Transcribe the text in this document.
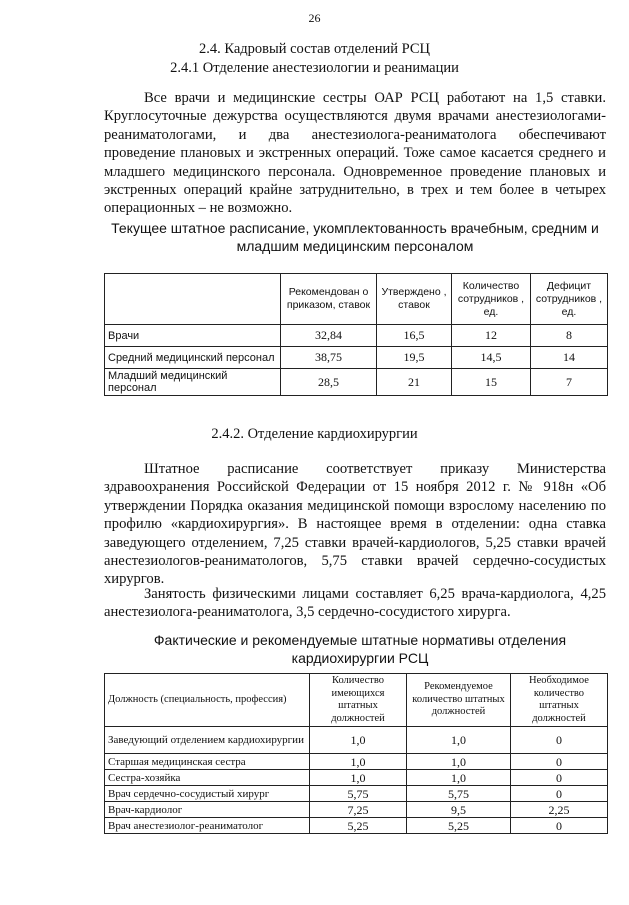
26
2.4. Кадровый состав отделений РСЦ
2.4.1 Отделение анестезиологии и реанимации

Все врачи и медицинские сестры ОАР РСЦ работают на 1,5 ставки. Круглосуточные дежурства осуществляются двумя врачами анестезиологами-реаниматологами, и два анестезиолога-реаниматолога обеспечивают проведение плановых и экстренных операций. Тоже самое касается среднего и младшего медицинского персонала. Одновременное проведение плановых и экстренных операций крайне затруднительно, в трех и тем более в четырех операционных – не возможно.

Текущее штатное расписание, укомплектованность врачебным, средним и младшим медицинским персоналом
	Рекомендован о приказом, ставок	Утверждено , ставок	Количество сотрудников , ед.	Дефицит сотрудников , ед.
Врачи	32,84	16,5	12	8
Средний медицинский персонал	38,75	19,5	14,5	14
Младший медицинский персонал	28,5	21	15	7
2.4.2. Отделение кардиохирургии

Штатное расписание соответствует приказу Министерства здравоохранения Российской Федерации от 15 ноября 2012 г. № 918н «Об утверждении Порядка оказания медицинской помощи взрослому населению по профилю «кардиохирургия». В настоящее время в отделении: одна ставка заведующего отделением, 7,25 ставки врачей-кардиологов, 5,25 ставки врачей анестезиологов-реаниматологов, 5,75 ставки врачей сердечно-сосудистых хирургов.

Занятость физическими лицами составляет 6,25 врача-кардиолога, 4,25 анестезиолога-реаниматолога, 3,5 сердечно-сосудистого хирурга.

Фактические и рекомендуемые штатные нормативы отделения кардиохирургии РСЦ
Должность (специальность, профессия)	Количество имеющихся штатных должностей	Рекомендуемое количество штатных должностей	Необходимое количество штатных должностей
Заведующий отделением кардиохирургии	1,0	1,0	0
Старшая медицинская сестра	1,0	1,0	0
Сестра-хозяйка	1,0	1,0	0
Врач сердечно-сосудистый хирург	5,75	5,75	0
Врач-кардиолог	7,25	9,5	2,25
Врач анестезиолог-реаниматолог	5,25	5,25	0
